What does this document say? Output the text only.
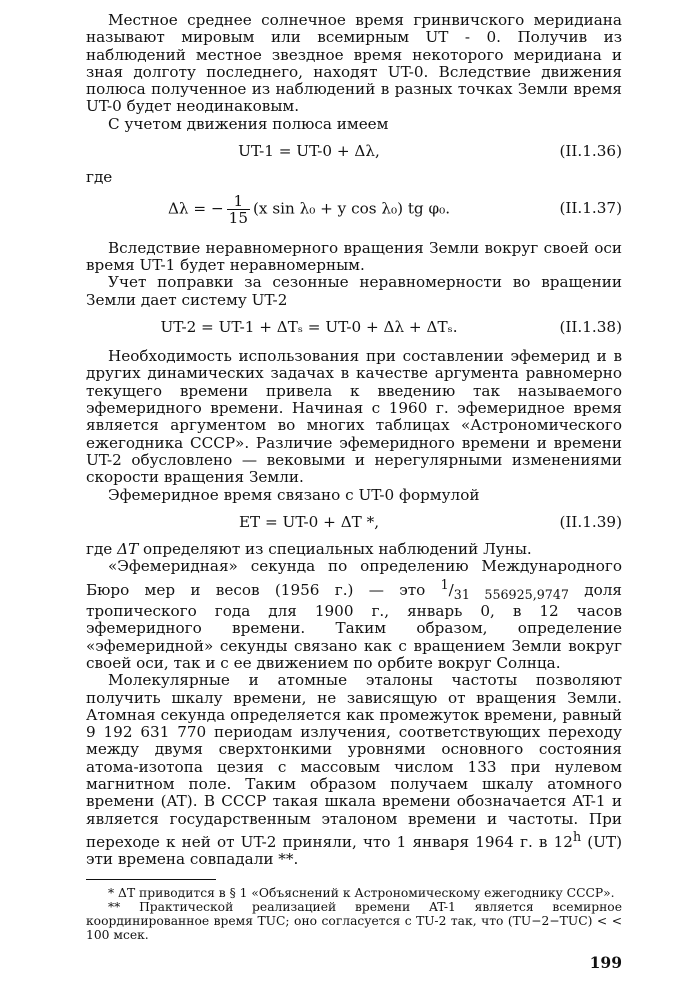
Местное среднее солнечное время гринвичского меридиана называют мировым или всемирным UT - 0. Получив из наблюдений местное звездное время некоторого меридиана и зная долготу последнего, находят UT-0. Вследствие движения полюса полученное из наблюдений в разных точках Земли время UT-0 будет неодинаковым.

С учетом движения полюса имеем

UT-1 = UT-0 + Δλ,	(II.1.36)

где

Δλ = − $\frac{1}{15} (x$ sin λ₀ + y cos λ₀) tg φ₀.	(II.1.37)

Вследствие неравномерного вращения Земли вокруг своей оси время UT-1 будет неравномерным.

Учет поправки за сезонные неравномерности во вращении Земли дает систему UT-2

UT-2 = UT-1 + ΔTₛ = UT-0 + Δλ + ΔTₛ.	(II.1.38)

Необходимость использования при составлении эфемерид и в других динамических задачах в качестве аргумента равномерно текущего времени привела к введению так называемого эфемеридного времени. Начиная с 1960 г. эфемеридное время является аргументом во многих таблицах «Астрономического ежегодника СССР». Различие эфемеридного времени и времени UT-2 обусловлено — вековыми и нерегулярными изменениями скорости вращения Земли.

Эфемеридное время связано с UT-0 формулой

ET = UT-0 + ΔT *,	(II.1.39)

где ΔT определяют из специальных наблюдений Луны.

«Эфемеридная» секунда по определению Международного Бюро мер и весов (1956 г.) — это $^1/_{31 556925,9747}$ доля тропического года для 1900 г., январь 0, в 12 часов эфемеридного времени. Таким образом, определение «эфемеридной» секунды связано как с вращением Земли вокруг своей оси, так и с ее движением по орбите вокруг Солнца.

Молекулярные и атомные эталоны частоты позволяют получить шкалу времени, не зависящую от вращения Земли. Атомная секунда определяется как промежуток времени, равный 9 192 631 770 периодам излучения, соответствующих переходу между двумя сверхтонкими уровнями основного состояния атома-изотопа цезия с массовым числом 133 при нулевом магнитном поле. Таким образом получаем шкалу атомного времени (AT). В СССР такая шкала времени обозначается AT-1 и является государственным эталоном времени и частоты. При переходе к ней от UT-2 приняли, что 1 января 1964 г. в 12$^h$ (UT) эти времена совпадали **.

* ΔT приводится в § 1 «Объяснений к Астрономическому ежегоднику СССР».

** Практической реализацией времени AT-1 является всемирное координированное время TUC; оно согласуется с TU-2 так, что (TU−2−TUC) < < 100 мсек.

199
